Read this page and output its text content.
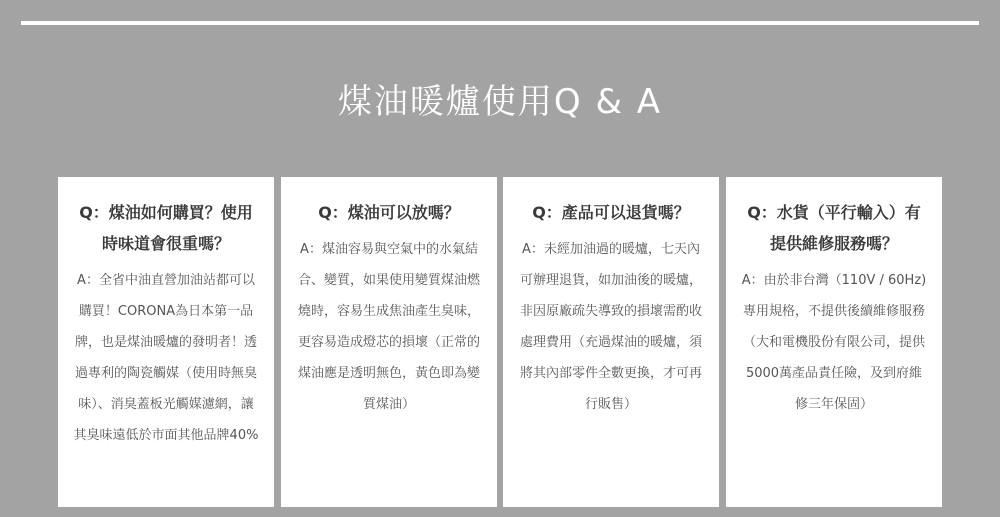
煤油暖爐使用Q & A

Q：煤油如何購買？使用時味道會很重嗎？

A：全省中油直營加油站都可以購買！CORONA為日本第一品牌，也是煤油暖爐的發明者！透過專利的陶瓷觸媒（使用時無臭味）、消臭蓋板光觸媒濾網，讓其臭味遠低於市面其他品牌40%

Q：煤油可以放嗎？

A：煤油容易與空氣中的水氣結合、變質，如果使用變質煤油燃燒時，容易生成焦油產生臭味，更容易造成燈芯的損壞（正常的煤油應是透明無色，黃色即為變質煤油）

Q：產品可以退貨嗎？

A：未經加油過的暖爐，七天內可辦理退貨，如加油後的暖爐，非因原廠疏失導致的損壞需酌收處理費用（充過煤油的暖爐，須將其內部零件全數更換，才可再行販售）

Q：水貨（平行輸入）有提供維修服務嗎？

A：由於非台灣（110V / 60Hz)專用規格，不提供後續維修服務（大和電機股份有限公司，提供5000萬產品責任險，及到府維修三年保固）
